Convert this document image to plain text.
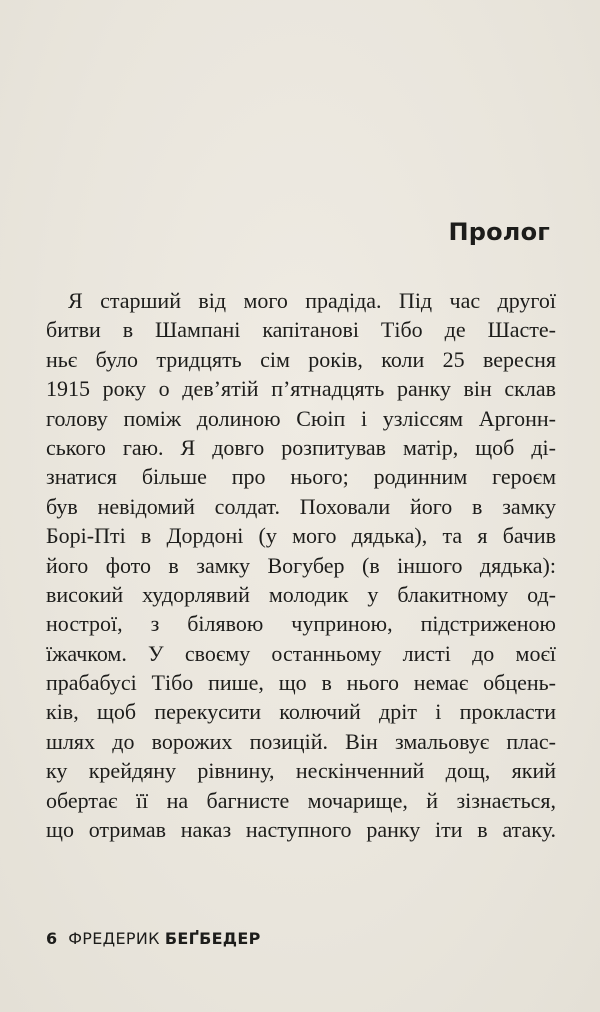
Пролог
Я старший від мого прадіда. Під час другої
битви в Шампані капітанові Тібо де Шасте-
ньє було тридцять сім років, коли 25 вересня
1915 року о дев’ятій п’ятнадцять ранку він склав
голову поміж долиною Сюіп і узліссям Аргонн-
ського гаю. Я довго розпитував матір, щоб ді-
знатися більше про нього; родинним героєм
був невідомий солдат. Поховали його в замку
Борі-Пті в Дордоні (у мого дядька), та я бачив
його фото в замку Вогубер (в іншого дядька):
високий худорлявий молодик у блакитному од-
нострої, з білявою чуприною, підстриженою
їжачком. У своєму останньому листі до моєї
прабабусі Тібо пише, що в нього немає обцень-
ків, щоб перекусити колючий дріт і прокласти
шлях до ворожих позицій. Він змальовує плас-
ку крейдяну рівнину, нескінченний дощ, який
обертає її на багнисте мочарище, й зізнається,
що отримав наказ наступного ранку іти в атаку.
6 ФРЕДЕРИК БЕҐБЕДЕР
